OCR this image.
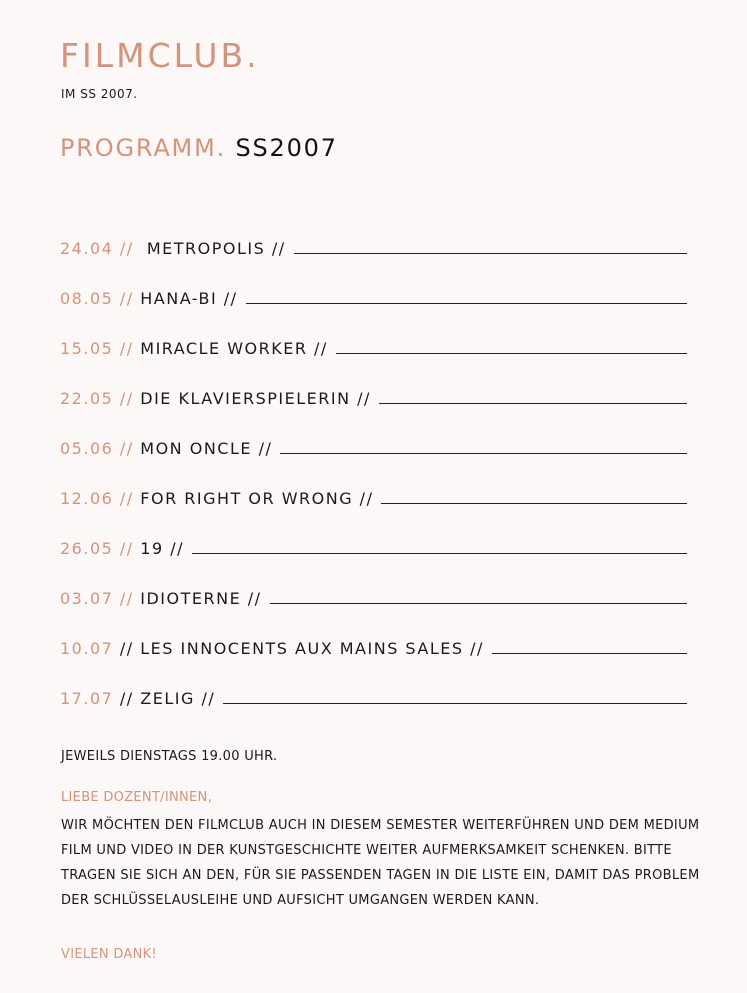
FILMCLUB.
IM SS 2007.
PROGRAMM. SS2007
24.04 // METROPOLIS //
08.05 // HANA-BI //
15.05 // MIRACLE WORKER //
22.05 // DIE KLAVIERSPIELERIN //
05.06 // MON ONCLE //
12.06 // FOR RIGHT OR WRONG //
26.05 // 19 //
03.07 // IDIOTERNE //
10.07 // LES INNOCENTS AUX MAINS SALES //
17.07 // ZELIG //
JEWEILS DIENSTAGS 19.00 UHR.
LIEBE DOZENT/INNEN,
WIR MÖCHTEN DEN FILMCLUB AUCH IN DIESEM SEMESTER WEITERFÜHREN UND DEM MEDIUM FILM UND VIDEO IN DER KUNSTGESCHICHTE WEITER AUFMERKSAMKEIT SCHENKEN. BITTE TRAGEN SIE SICH AN DEN, FÜR SIE PASSENDEN TAGEN IN DIE LISTE EIN, DAMIT DAS PROBLEM DER SCHLÜSSELAUSLEIHE UND AUFSICHT UMGANGEN WERDEN KANN.
VIELEN DANK!
